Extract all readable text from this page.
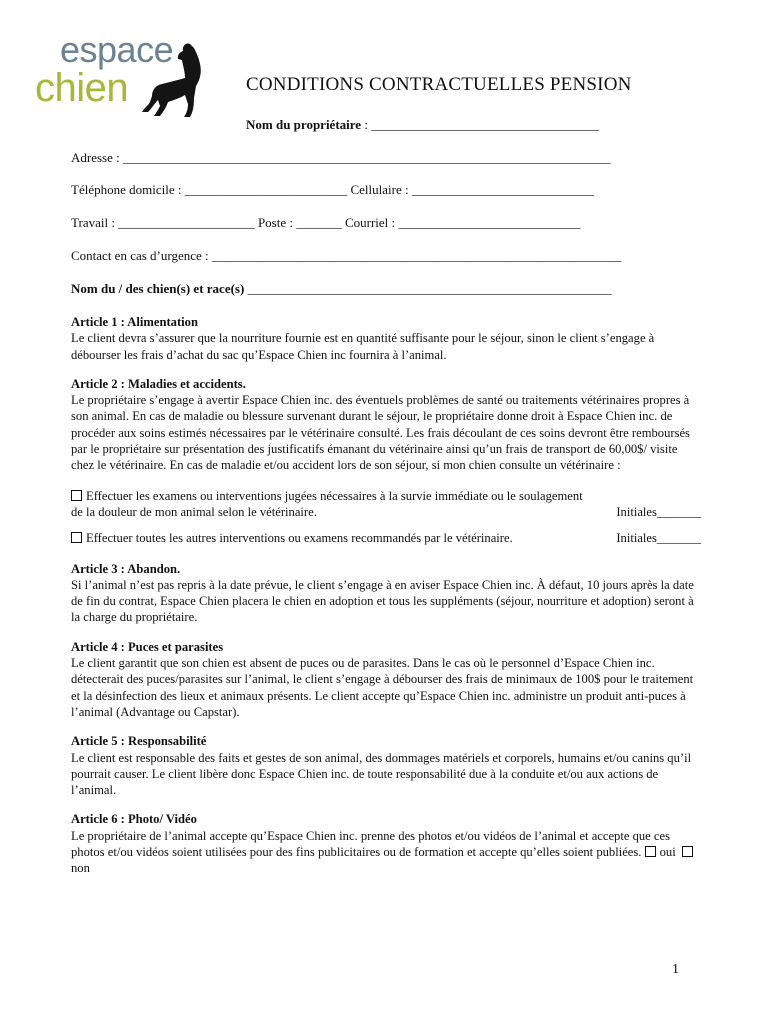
espace
chien	CONDITIONS CONTRACTUELLES PENSION
Nom du propriétaire : ___________________________________
Adresse : ___________________________________________________________________________
Téléphone domicile : _________________________ Cellulaire : ____________________________
Travail : _____________________ Poste : _______ Courriel : ____________________________
Contact en cas d’urgence : _______________________________________________________________
Nom du / des chien(s) et race(s) ________________________________________________________
Article 1 : Alimentation

Le client devra s’assurer que la nourriture fournie est en quantité suffisante pour le séjour, sinon le client s’engage à débourser les frais d’achat du sac qu’Espace Chien inc fournira à l’animal.

Article 2 : Maladies et accidents.

Le propriétaire s’engage à avertir Espace Chien inc. des éventuels problèmes de santé ou traitements vétérinaires propres à son animal. En cas de maladie ou blessure survenant durant le séjour, le propriétaire donne droit à Espace Chien inc. de procéder aux soins estimés nécessaires par le vétérinaire consulté. Les frais découlant de ces soins devront être remboursés par le propriétaire sur présentation des justificatifs émanant du vétérinaire ainsi qu’un frais de transport de 60,00$/ visite chez le vétérinaire. En cas de maladie et/ou accident lors de son séjour, si mon chien consulte un vétérinaire :

Effectuer les examens ou interventions jugées nécessaires à la survie immédiate ou le soulagement de la douleur de mon animal selon le vétérinaire.	Initiales_______
Effectuer toutes les autres interventions ou examens recommandés par le vétérinaire.	Initiales_______
Article 3 : Abandon.

Si l’animal n’est pas repris à la date prévue, le client s’engage à en aviser Espace Chien inc. À défaut, 10 jours après la date de fin du contrat, Espace Chien placera le chien en adoption et tous les suppléments (séjour, nourriture et adoption) seront à la charge du propriétaire.

Article 4 : Puces et parasites

Le client garantit que son chien est absent de puces ou de parasites. Dans le cas où le personnel d’Espace Chien inc. détecterait des puces/parasites sur l’animal, le client s’engage à débourser des frais de minimaux de 100$ pour le traitement et la désinfection des lieux et animaux présents. Le client accepte qu’Espace Chien inc. administre un produit anti-puces à l’animal (Advantage ou Capstar).

Article 5 : Responsabilité

Le client est responsable des faits et gestes de son animal, des dommages matériels et corporels, humains et/ou canins qu’il pourrait causer. Le client libère donc Espace Chien inc. de toute responsabilité due à la conduite et/ou aux actions de l’animal.

Article 6 : Photo/ Vidéo

Le propriétaire de l’animal accepte qu’Espace Chien inc. prenne des photos et/ou vidéos de l’animal et accepte que ces photos et/ou vidéos soient utilisées pour des fins publicitaires ou de formation et accepte qu’elles soient publiées. oui  non

1
